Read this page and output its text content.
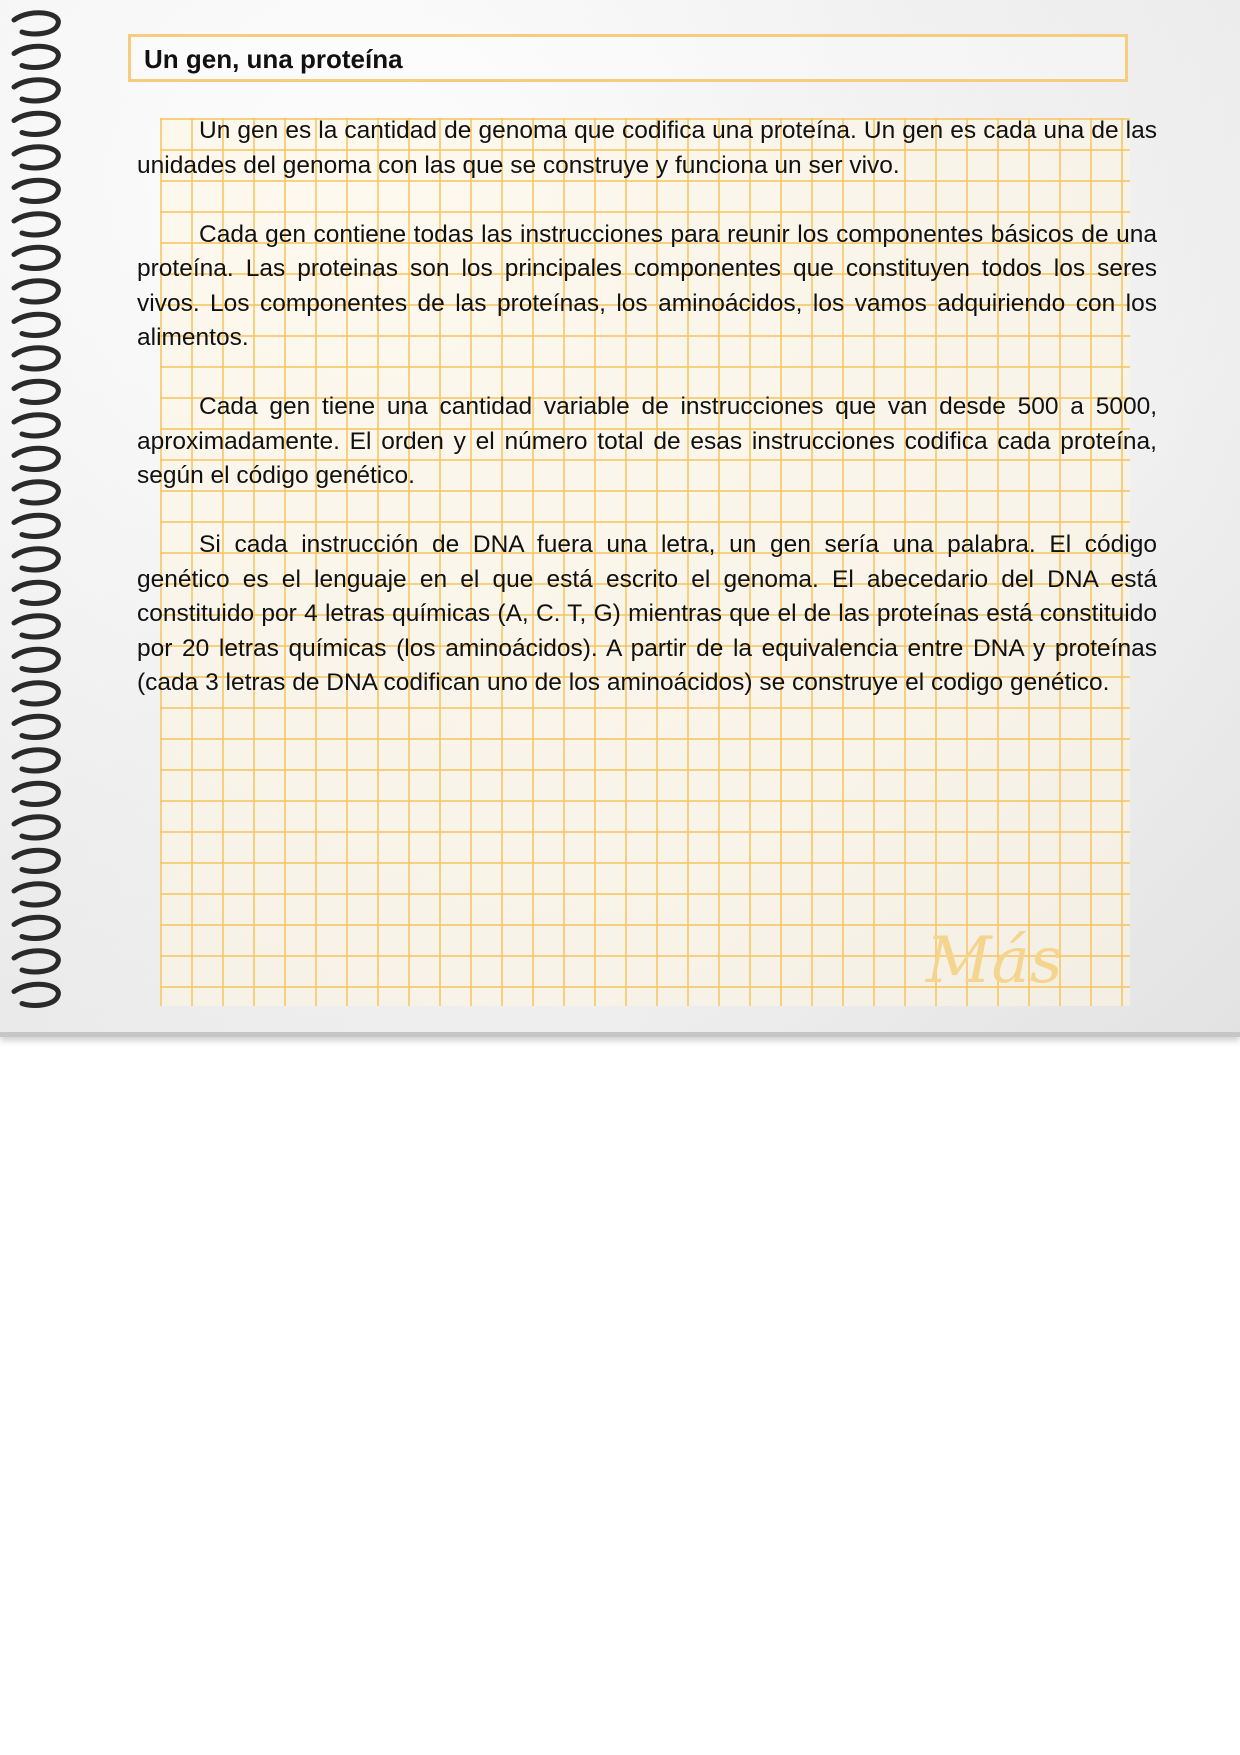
Un gen, una proteína

Un gen es la cantidad de genoma que codifica una proteína. Un gen es cada una de las unidades del genoma con las que se construye y funciona un ser vivo.

Cada gen contiene todas las instrucciones para reunir los componentes básicos de una proteína. Las proteinas son los principales componentes que constituyen todos los seres vivos. Los componentes de las proteínas, los aminoácidos, los vamos adquiriendo con los alimentos.

Cada gen tiene una cantidad variable de instrucciones que van desde 500 a 5000, aproximadamente. El orden y el número total de esas instrucciones codifica cada proteína, según el código genético.

Si cada instrucción de DNA fuera una letra, un gen sería una palabra. El código genético es el lenguaje en el que está escrito el genoma. El abecedario del DNA está constituido por 4 letras químicas (A, C. T, G) mientras que el de las proteínas está constituido por 20 letras químicas (los aminoácidos). A partir de la equivalencia entre DNA y proteínas (cada 3 letras de DNA codifican uno de los aminoácidos) se construye el codigo genético.

Más
